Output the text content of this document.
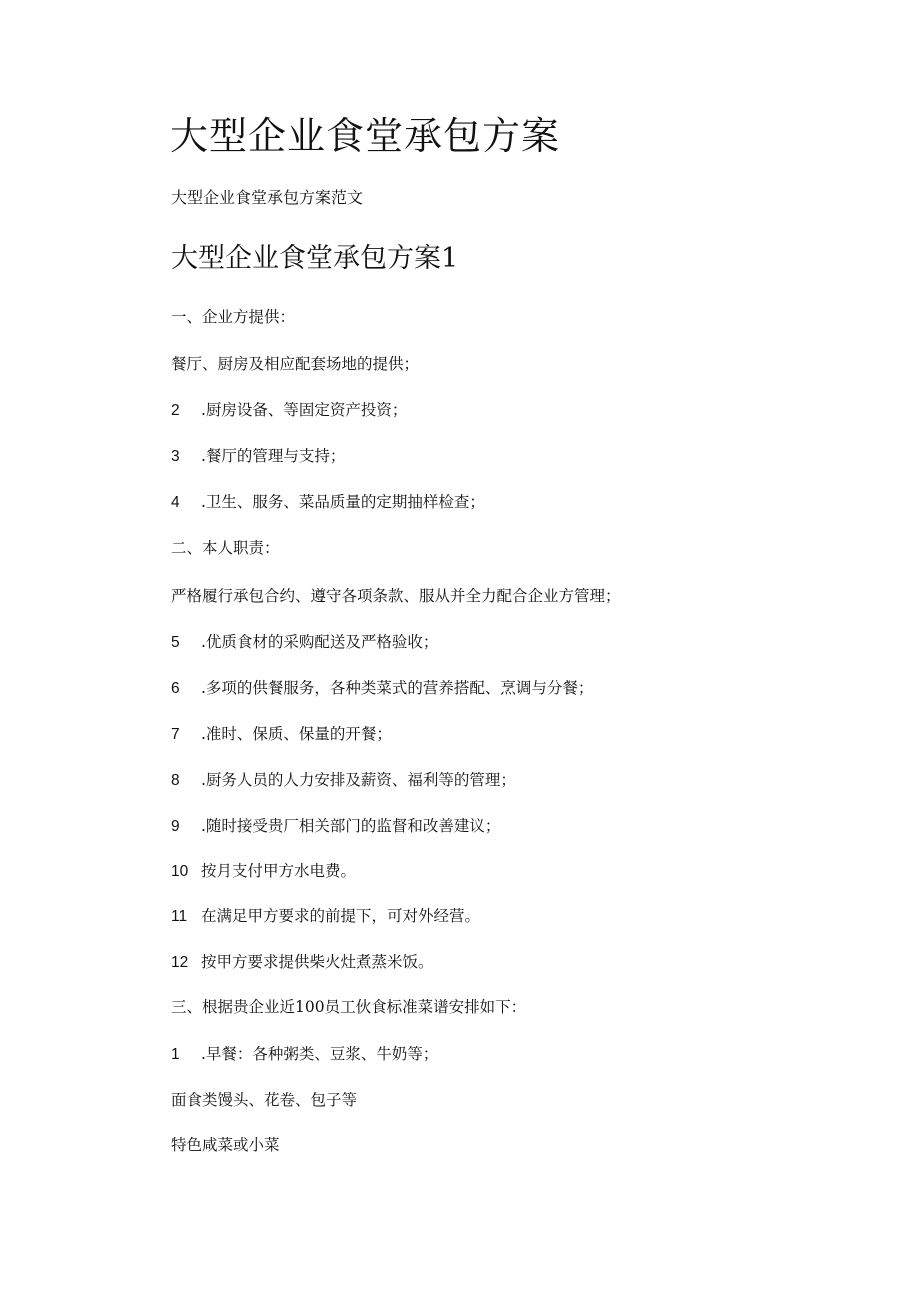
大型企业食堂承包方案
大型企业食堂承包方案范文
大型企业食堂承包方案1
一、企业方提供：
餐厅、厨房及相应配套场地的提供；
2 .厨房设备、等固定资产投资；
3 .餐厅的管理与支持；
4 .卫生、服务、菜品质量的定期抽样检查；
二、本人职责：
严格履行承包合约、遵守各项条款、服从并全力配合企业方管理；
5 .优质食材的采购配送及严格验收；
6 .多项的供餐服务，各种类菜式的营养搭配、烹调与分餐；
7 .准时、保质、保量的开餐；
8 .厨务人员的人力安排及薪资、福利等的管理；
9 .随时接受贵厂相关部门的监督和改善建议；
10 按月支付甲方水电费。
11 在满足甲方要求的前提下，可对外经营。
12 按甲方要求提供柴火灶煮蒸米饭。
三、根据贵企业近100员工伙食标准菜谱安排如下：
1 .早餐：各种粥类、豆浆、牛奶等；
面食类馒头、花卷、包子等
特色咸菜或小菜
